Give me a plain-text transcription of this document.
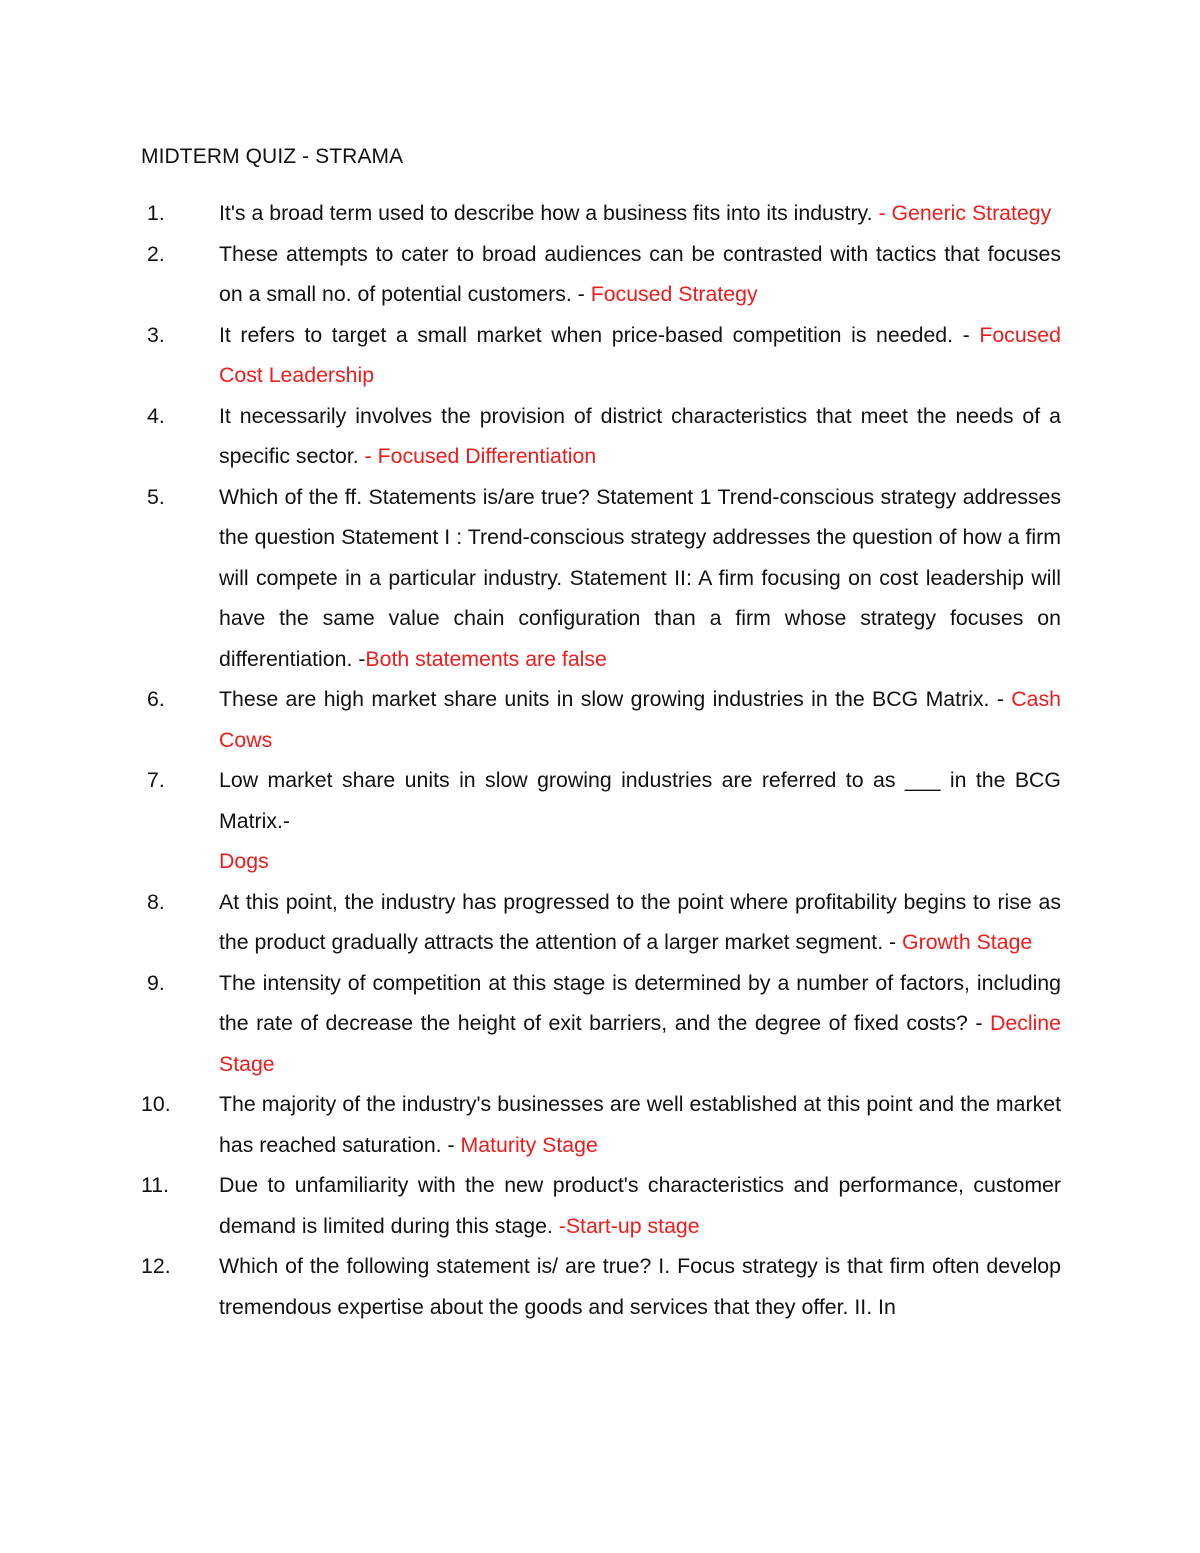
MIDTERM QUIZ - STRAMA
1.	It's a broad term used to describe how a business fits into its industry. - Generic Strategy
2.	These attempts to cater to broad audiences can be contrasted with tactics that focuses on a small no. of potential customers. - Focused Strategy
3.	It refers to target a small market when price-based competition is needed. - Focused Cost Leadership
4.	It necessarily involves the provision of district characteristics that meet the needs of a specific sector. - Focused Differentiation
5.	Which of the ff. Statements is/are true? Statement 1 Trend-conscious strategy addresses the question Statement I : Trend-conscious strategy addresses the question of how a firm will compete in a particular industry. Statement II: A firm focusing on cost leadership will have the same value chain configuration than a firm whose strategy focuses on differentiation. -Both statements are false
6.	These are high market share units in slow growing industries in the BCG Matrix. - Cash Cows
7.	Low market share units in slow growing industries are referred to as ___ in the BCG Matrix.-
Dogs
8.	At this point, the industry has progressed to the point where profitability begins to rise as the product gradually attracts the attention of a larger market segment. - Growth Stage
9.	The intensity of competition at this stage is determined by a number of factors, including the rate of decrease the height of exit barriers, and the degree of fixed costs? - Decline Stage
10. The majority of the industry's businesses are well established at this point and the market has reached saturation. - Maturity Stage
11. Due to unfamiliarity with the new product's characteristics and performance, customer demand is limited during this stage. -Start-up stage
12. Which of the following statement is/ are true? I. Focus strategy is that firm often develop tremendous expertise about the goods and services that they offer. II. In
